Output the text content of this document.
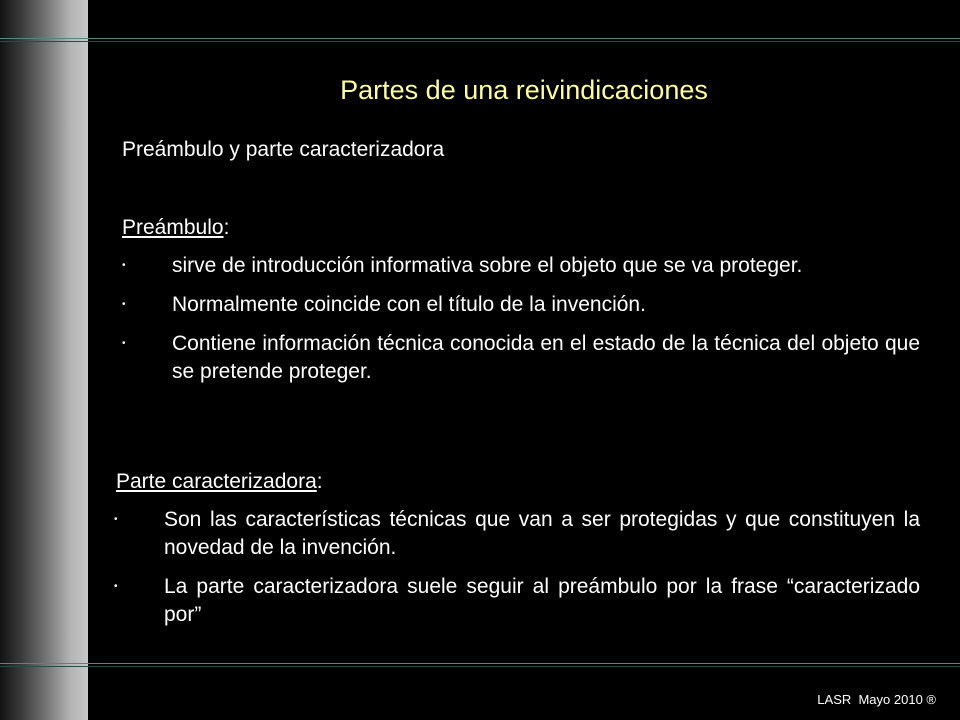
Partes de una reivindicaciones

Preámbulo y parte caracterizadora

Preámbulo:

• sirve de introducción informativa sobre el objeto que se va proteger.
• Normalmente coincide con el título de la invención.
• Contiene información técnica conocida en el estado de la técnica del objeto que se pretende proteger.

Parte caracterizadora:

• Son las características técnicas que van a ser protegidas y que constituyen la novedad de la invención.
• La parte caracterizadora suele seguir al preámbulo por la frase “caracterizado por”
LASR  Mayo 2010 ®
